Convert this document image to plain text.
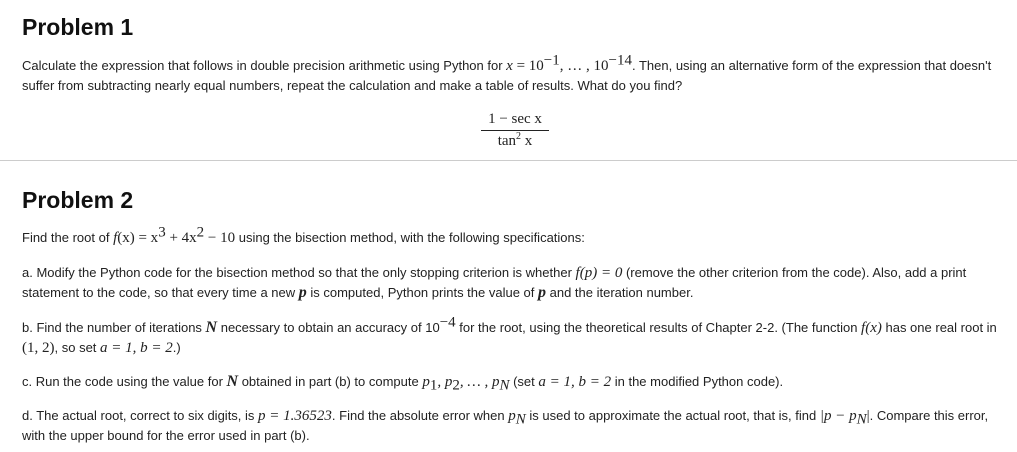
Problem 1

Calculate the expression that follows in double precision arithmetic using Python for $x = 10^{-1}$, … , $10^{-14}$. Then, using an alternative form of the expression that doesn't suffer from subtracting nearly equal numbers, repeat the calculation and make a table of results. What do you find?

1 − sec x
$\tan^2 x$
Problem 2

Find the root of $f(x) = x^3 + 4x^2 - 10$ using the bisection method, with the following specifications:

a. Modify the Python code for the bisection method so that the only stopping criterion is whether f(p) = 0 (remove the other criterion from the code). Also, add a print statement to the code, so that every time a new p is computed, Python prints the value of p and the iteration number.

b. Find the number of iterations N necessary to obtain an accuracy of $10^{-4}$ for the root, using the theoretical results of Chapter 2-2. (The function f(x) has one real root in (1, 2), so set a = 1, b = 2.)

c. Run the code using the value for N obtained in part (b) to compute $p_1$, $p_2$, … , $p_N$ (set a = 1, b = 2 in the modified Python code).

d. The actual root, correct to six digits, is p = 1.36523. Find the absolute error when $p_N$ is used to approximate the actual root, that is, find $|p - p_N|$. Compare this error, with the upper bound for the error used in part (b).
